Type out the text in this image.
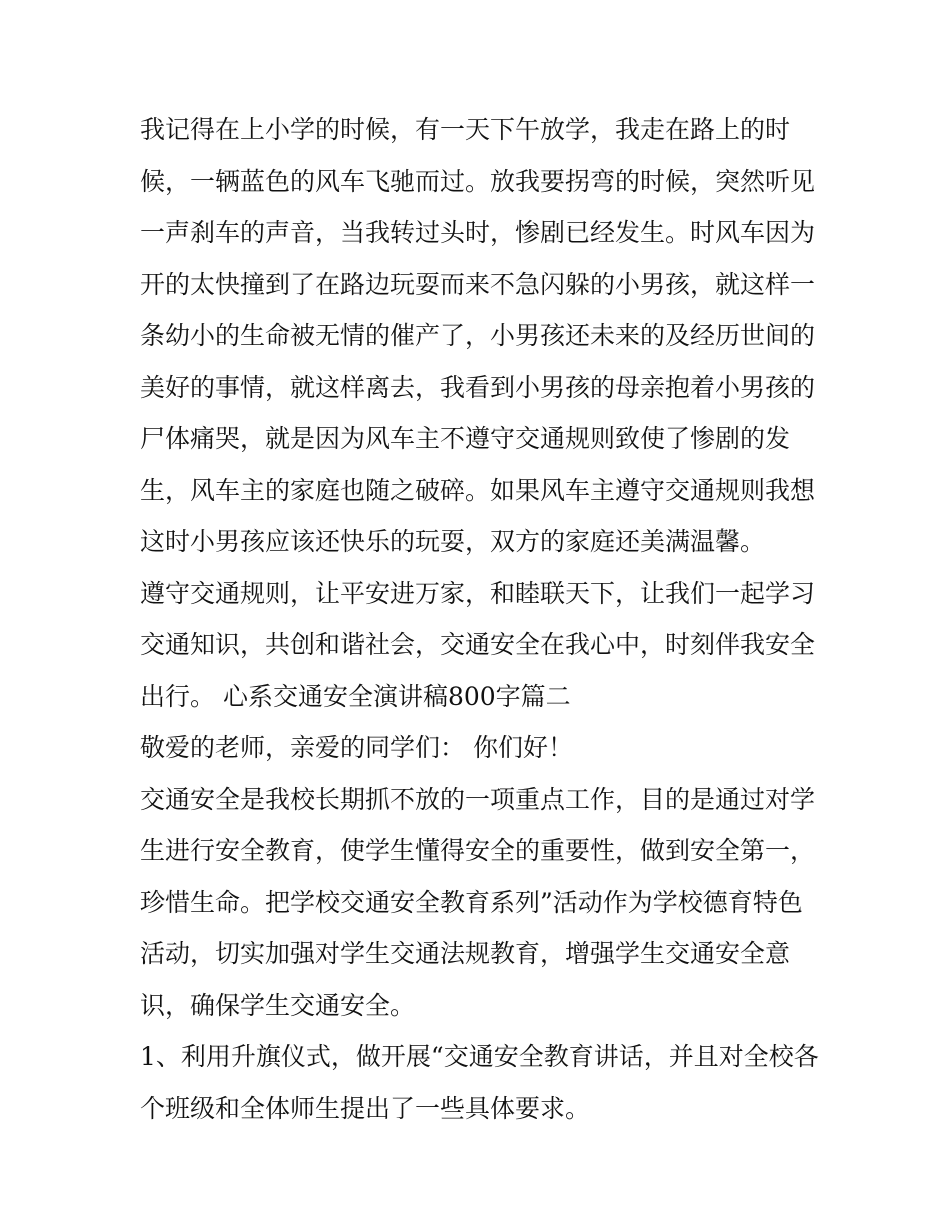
我记得在上小学的时候，有一天下午放学，我走在路上的时

候，一辆蓝色的风车飞驰而过。放我要拐弯的时候，突然听见

一声刹车的声音，当我转过头时，惨剧已经发生。时风车因为

开的太快撞到了在路边玩耍而来不急闪躲的小男孩，就这样一

条幼小的生命被无情的催产了，小男孩还未来的及经历世间的

美好的事情，就这样离去，我看到小男孩的母亲抱着小男孩的

尸体痛哭，就是因为风车主不遵守交通规则致使了惨剧的发

生，风车主的家庭也随之破碎。如果风车主遵守交通规则我想

这时小男孩应该还快乐的玩耍，双方的家庭还美满温馨。

遵守交通规则，让平安进万家，和睦联天下，让我们一起学习

交通知识，共创和谐社会，交通安全在我心中，时刻伴我安全

出行。 心系交通安全演讲稿800字篇二

敬爱的老师，亲爱的同学们： 你们好！

交通安全是我校长期抓不放的一项重点工作，目的是通过对学

生进行安全教育，使学生懂得安全的重要性，做到安全第一，

珍惜生命。把学校交通安全教育系列”活动作为学校德育特色

活动，切实加强对学生交通法规教育，增强学生交通安全意

识，确保学生交通安全。

1、利用升旗仪式，做开展“交通安全教育讲话，并且对全校各

个班级和全体师生提出了一些具体要求。
